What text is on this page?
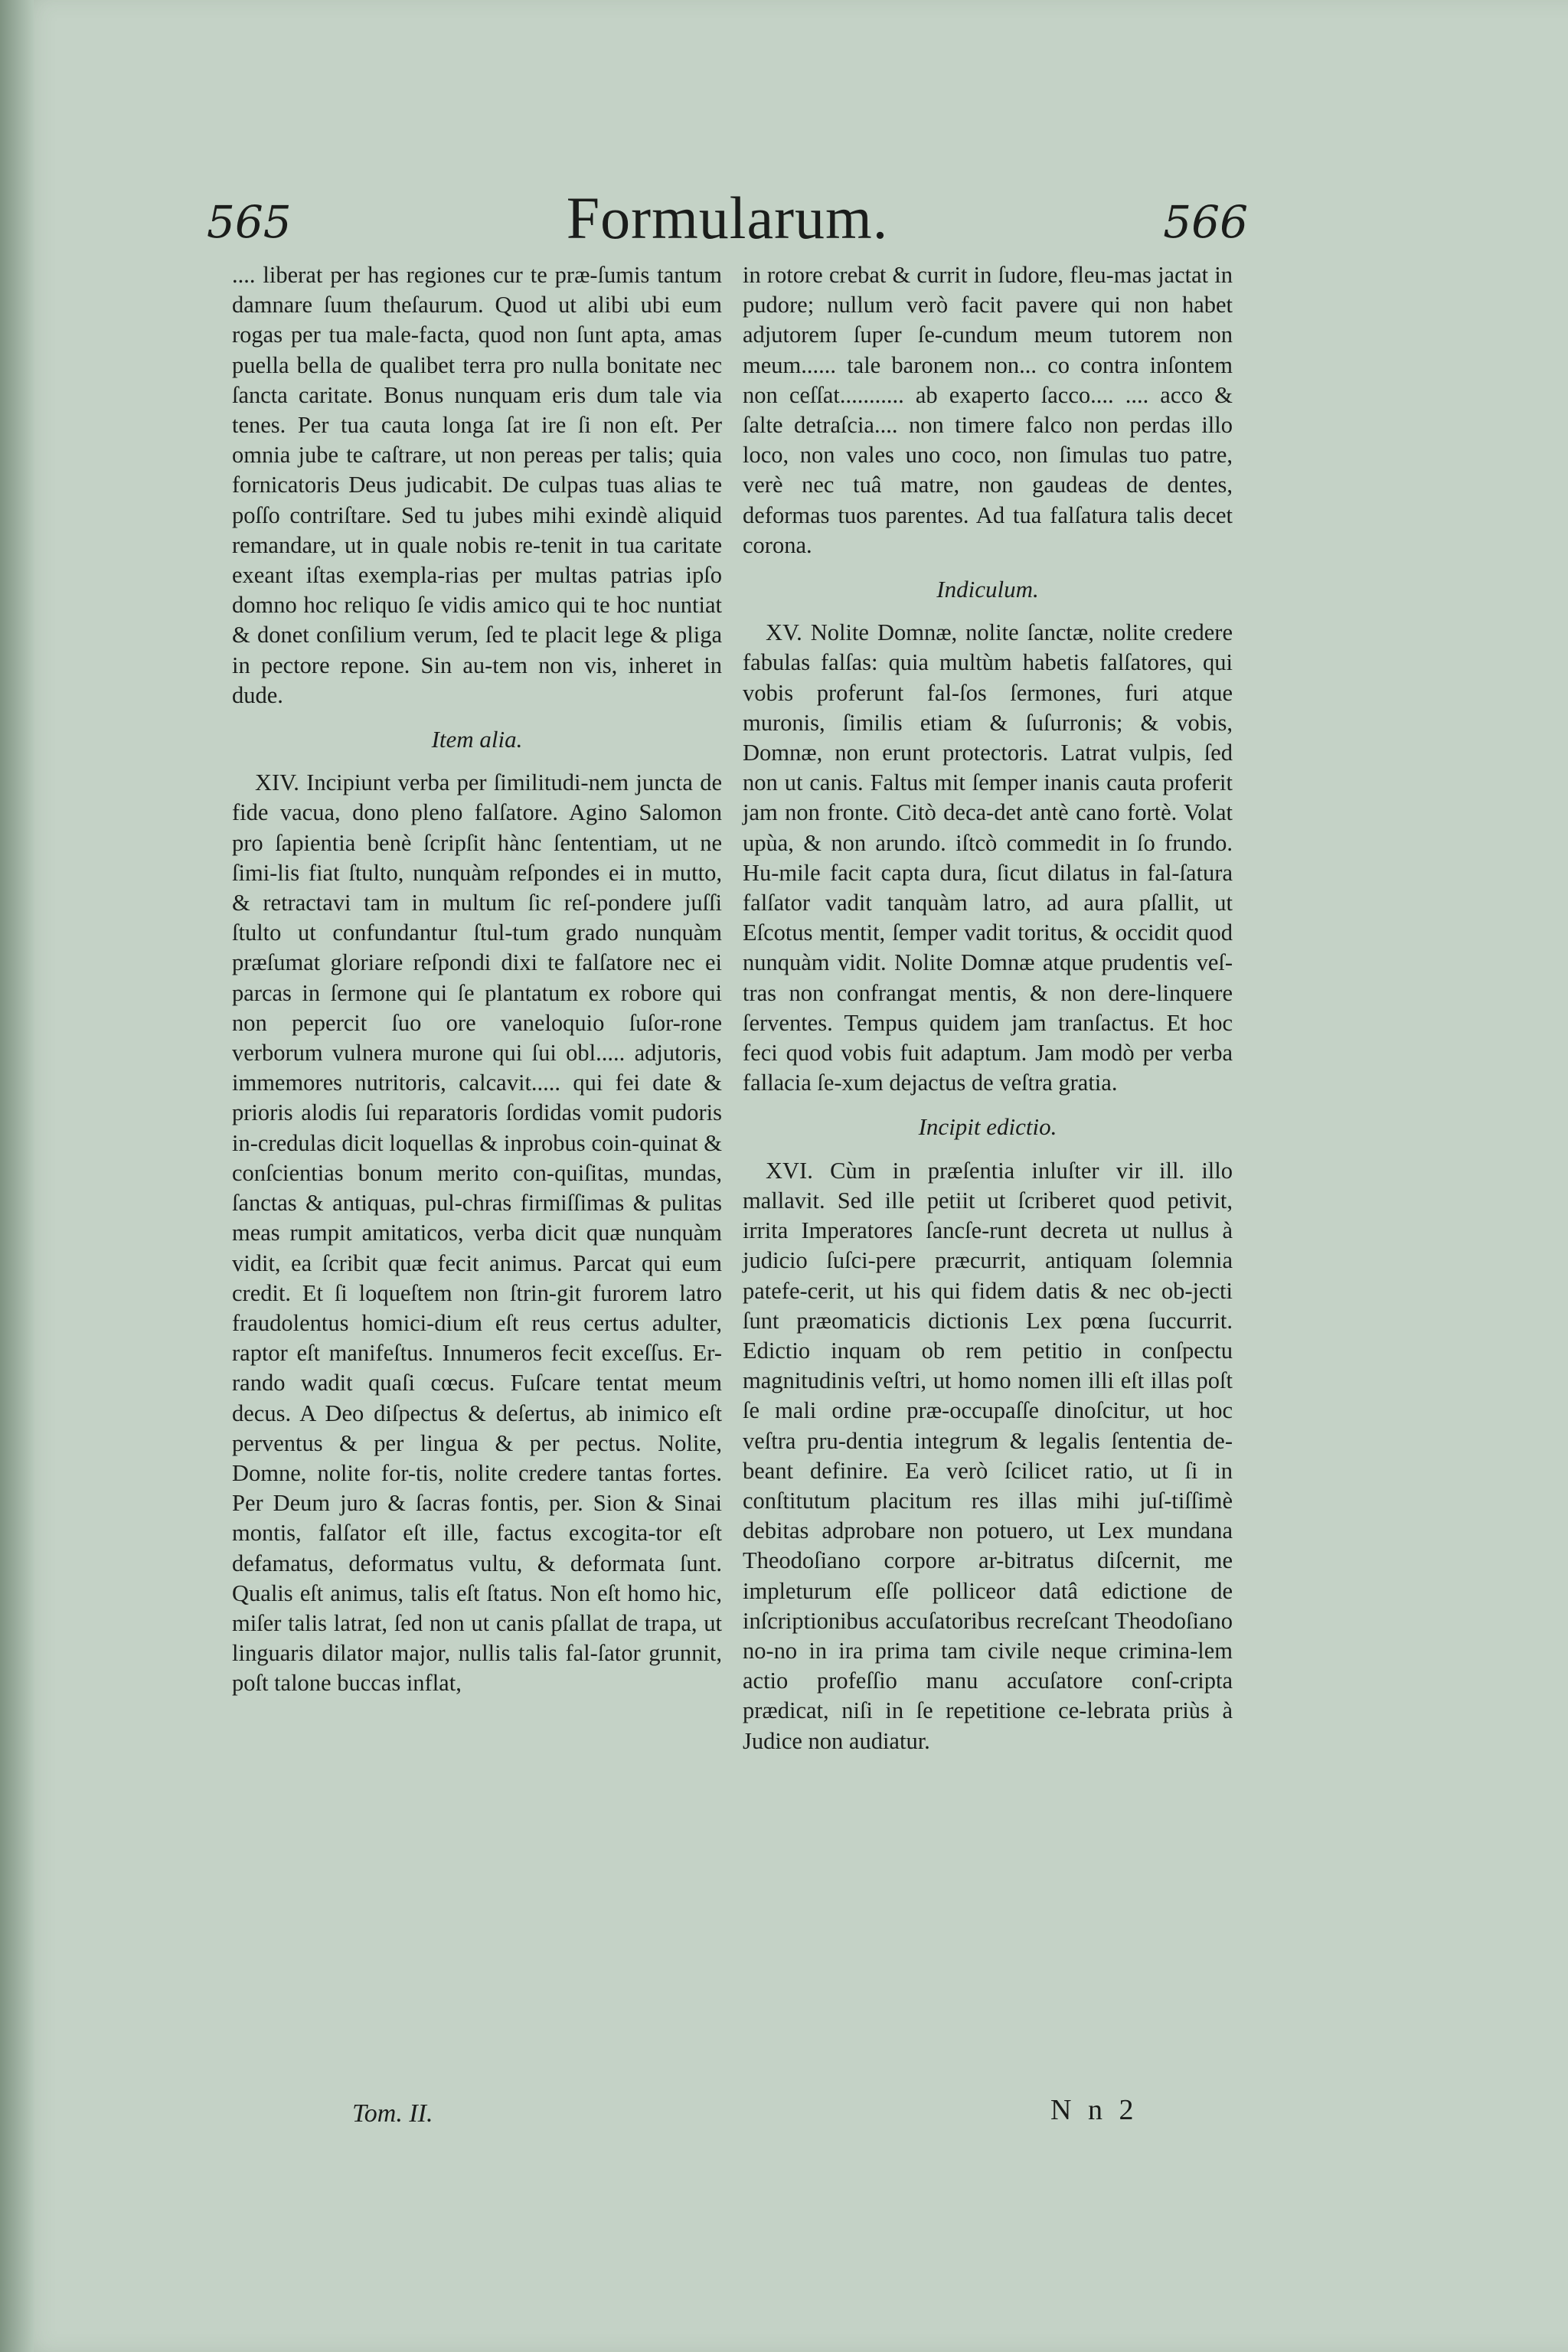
565	Formularum.	566

.... liberat per has regiones cur te præ-ſumis tantum damnare ſuum theſaurum. Quod ut alibi ubi eum rogas per tua male-facta, quod non ſunt apta, amas puella bella de qualibet terra pro nulla bonitate nec ſancta caritate. Bonus nunquam eris dum tale via tenes. Per tua cauta longa ſat ire ſi non eſt. Per omnia jube te caſtrare, ut non pereas per talis; quia fornicatoris Deus judicabit. De culpas tuas alias te poſſo contriſtare. Sed tu jubes mihi exindè aliquid remandare, ut in quale nobis re-tenit in tua caritate exeant iſtas exempla-rias per multas patrias ipſo domno hoc reliquo ſe vidis amico qui te hoc nuntiat & donet conſilium verum, ſed te placit lege & pliga in pectore repone. Sin au-tem non vis, inheret in dude.

Item alia.

XIV. Incipiunt verba per ſimilitudi-nem juncta de fide vacua, dono pleno falſatore. Agino Salomon pro ſapientia benè ſcripſit hànc ſententiam, ut ne ſimi-lis fiat ſtulto, nunquàm reſpondes ei in mutto, & retractavi tam in multum ſic reſ-pondere juſſi ſtulto ut confundantur ſtul-tum grado nunquàm præſumat gloriare reſpondi dixi te falſatore nec ei parcas in ſermone qui ſe plantatum ex robore qui non pepercit ſuo ore vaneloquio ſuſor-rone verborum vulnera murone qui ſui obl..... adjutoris, immemores nutritoris, calcavit..... qui fei date & prioris alodis ſui reparatoris ſordidas vomit pudoris in-credulas dicit loquellas & inprobus coin-quinat & conſcientias bonum merito con-quiſitas, mundas, ſanctas & antiquas, pul-chras firmiſſimas & pulitas meas rumpit amitaticos, verba dicit quæ nunquàm vidit, ea ſcribit quæ fecit animus. Parcat qui eum credit. Et ſi loqueſtem non ſtrin-git furorem latro fraudolentus homici-dium eſt reus certus adulter, raptor eſt manifeſtus. Innumeros fecit exceſſus. Er-rando wadit quaſi cœcus. Fuſcare tentat meum decus. A Deo diſpectus & deſertus, ab inimico eſt perventus & per lingua & per pectus. Nolite, Domne, nolite for-tis, nolite credere tantas fortes. Per Deum juro & ſacras fontis, per. Sion & Sinai montis, falſator eſt ille, factus excogita-tor eſt defamatus, deformatus vultu, & deformata ſunt. Qualis eſt animus, talis eſt ſtatus. Non eſt homo hic, miſer talis latrat, ſed non ut canis pſallat de trapa, ut linguaris dilator major, nullis talis fal-ſator grunnit, poſt talone buccas inflat,

in rotore crebat & currit in ſudore, fleu-mas jactat in pudore; nullum verò facit pavere qui non habet adjutorem ſuper ſe-cundum meum tutorem non meum...... tale baronem non... co contra inſontem non ceſſat........... ab exaperto ſacco.... .... acco & ſalte detraſcia.... non timere falco non perdas illo loco, non vales uno coco, non ſimulas tuo patre, verè nec tuâ matre, non gaudeas de dentes, deformas tuos parentes. Ad tua falſatura talis decet corona.

Indiculum.

XV. Nolite Domnæ, nolite ſanctæ, nolite credere fabulas falſas: quia multùm habetis falſatores, qui vobis proferunt fal-ſos ſermones, furi atque muronis, ſimilis etiam & ſuſurronis; & vobis, Domnæ, non erunt protectoris. Latrat vulpis, ſed non ut canis. Faltus mit ſemper inanis cauta proferit jam non fronte. Citò deca-det antè cano fortè. Volat upùa, & non arundo. iſtcò commedit in ſo frundo. Hu-mile facit capta dura, ſicut dilatus in fal-ſatura falſator vadit tanquàm latro, ad aura pſallit, ut Eſcotus mentit, ſemper vadit toritus, & occidit quod nunquàm vidit. Nolite Domnæ atque prudentis veſ-tras non confrangat mentis, & non dere-linquere ſerventes. Tempus quidem jam tranſactus. Et hoc feci quod vobis fuit adaptum. Jam modò per verba fallacia ſe-xum dejactus de veſtra gratia.

Incipit edictio.

XVI. Cùm in præſentia inluſter vir ill. illo mallavit. Sed ille petiit ut ſcriberet quod petivit, irrita Imperatores ſancſe-runt decreta ut nullus à judicio ſuſci-pere præcurrit, antiquam ſolemnia patefe-cerit, ut his qui fidem datis & nec ob-jecti ſunt præomaticis dictionis Lex pœna ſuccurrit. Edictio inquam ob rem petitio in conſpectu magnitudinis veſtri, ut homo nomen illi eſt illas poſt ſe mali ordine præ-occupaſſe dinoſcitur, ut hoc veſtra pru-dentia integrum & legalis ſententia de-beant definire. Ea verò ſcilicet ratio, ut ſi in conſtitutum placitum res illas mihi juſ-tiſſimè debitas adprobare non potuero, ut Lex mundana Theodoſiano corpore ar-bitratus diſcernit, me impleturum eſſe polliceor datâ edictione de inſcriptionibus accuſatoribus recreſcant Theodoſiano no-no in ira prima tam civile neque crimina-lem actio profeſſio manu accuſatore conſ-cripta prædicat, niſi in ſe repetitione ce-lebrata priùs à Judice non audiatur.

Tom. II.	N n 2
